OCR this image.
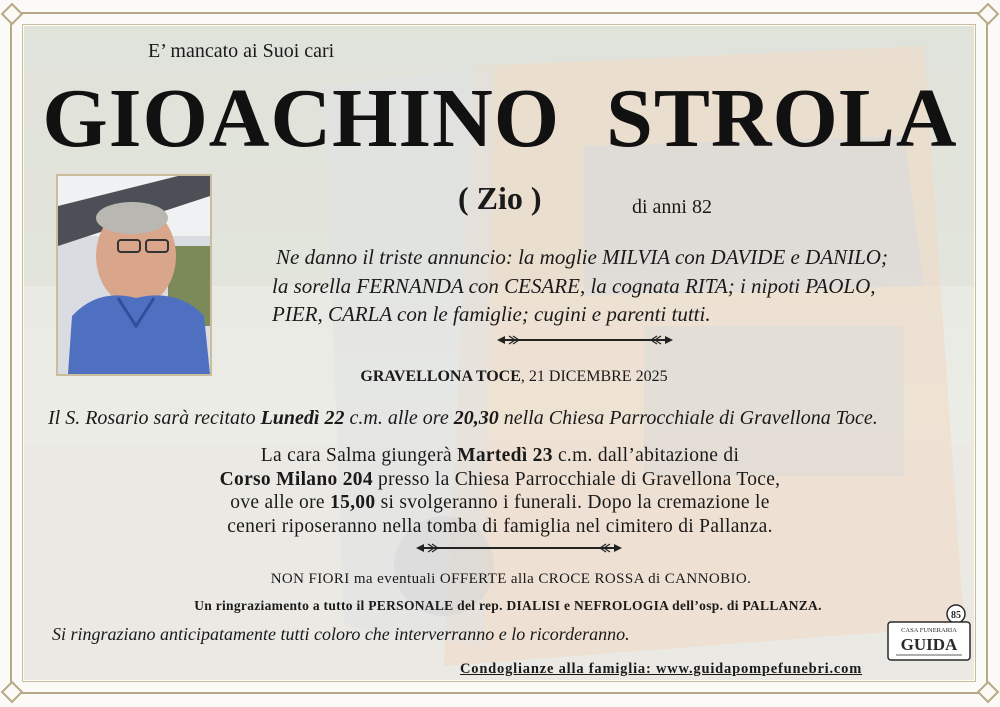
E’ mancato ai Suoi cari
GIOACHINO STROLA
( Zio )	di anni 82

Ne danno il triste annuncio: la moglie MILVIA con DAVIDE e DANILO;

la sorella FERNANDA con CESARE, la cognata RITA; i nipoti PAOLO,

PIER, CARLA con le famiglie; cugini e parenti tutti.

GRAVELLONA TOCE, 21 DICEMBRE 2025
Il S. Rosario sarà recitato Lunedì 22 c.m. alle ore 20,30 nella Chiesa Parrocchiale di Gravellona Toce.

La cara Salma giungerà Martedì 23 c.m. dall’abitazione di

Corso Milano 204 presso la Chiesa Parrocchiale di Gravellona Toce,

ove alle ore 15,00 si svolgeranno i funerali. Dopo la cremazione le

ceneri riposeranno nella tomba di famiglia nel cimitero di Pallanza.

NON FIORI ma eventuali OFFERTE alla CROCE ROSSA di CANNOBIO.
Un ringraziamento a tutto il PERSONALE del rep. DIALISI e NEFROLOGIA dell’osp. di PALLANZA.
Si ringraziano anticipatamente tutti coloro che interverranno e lo ricorderanno.
Condoglianze alla famiglia: www.guidapompefunebri.com
85
CASA FUNERARIA
GUIDA
